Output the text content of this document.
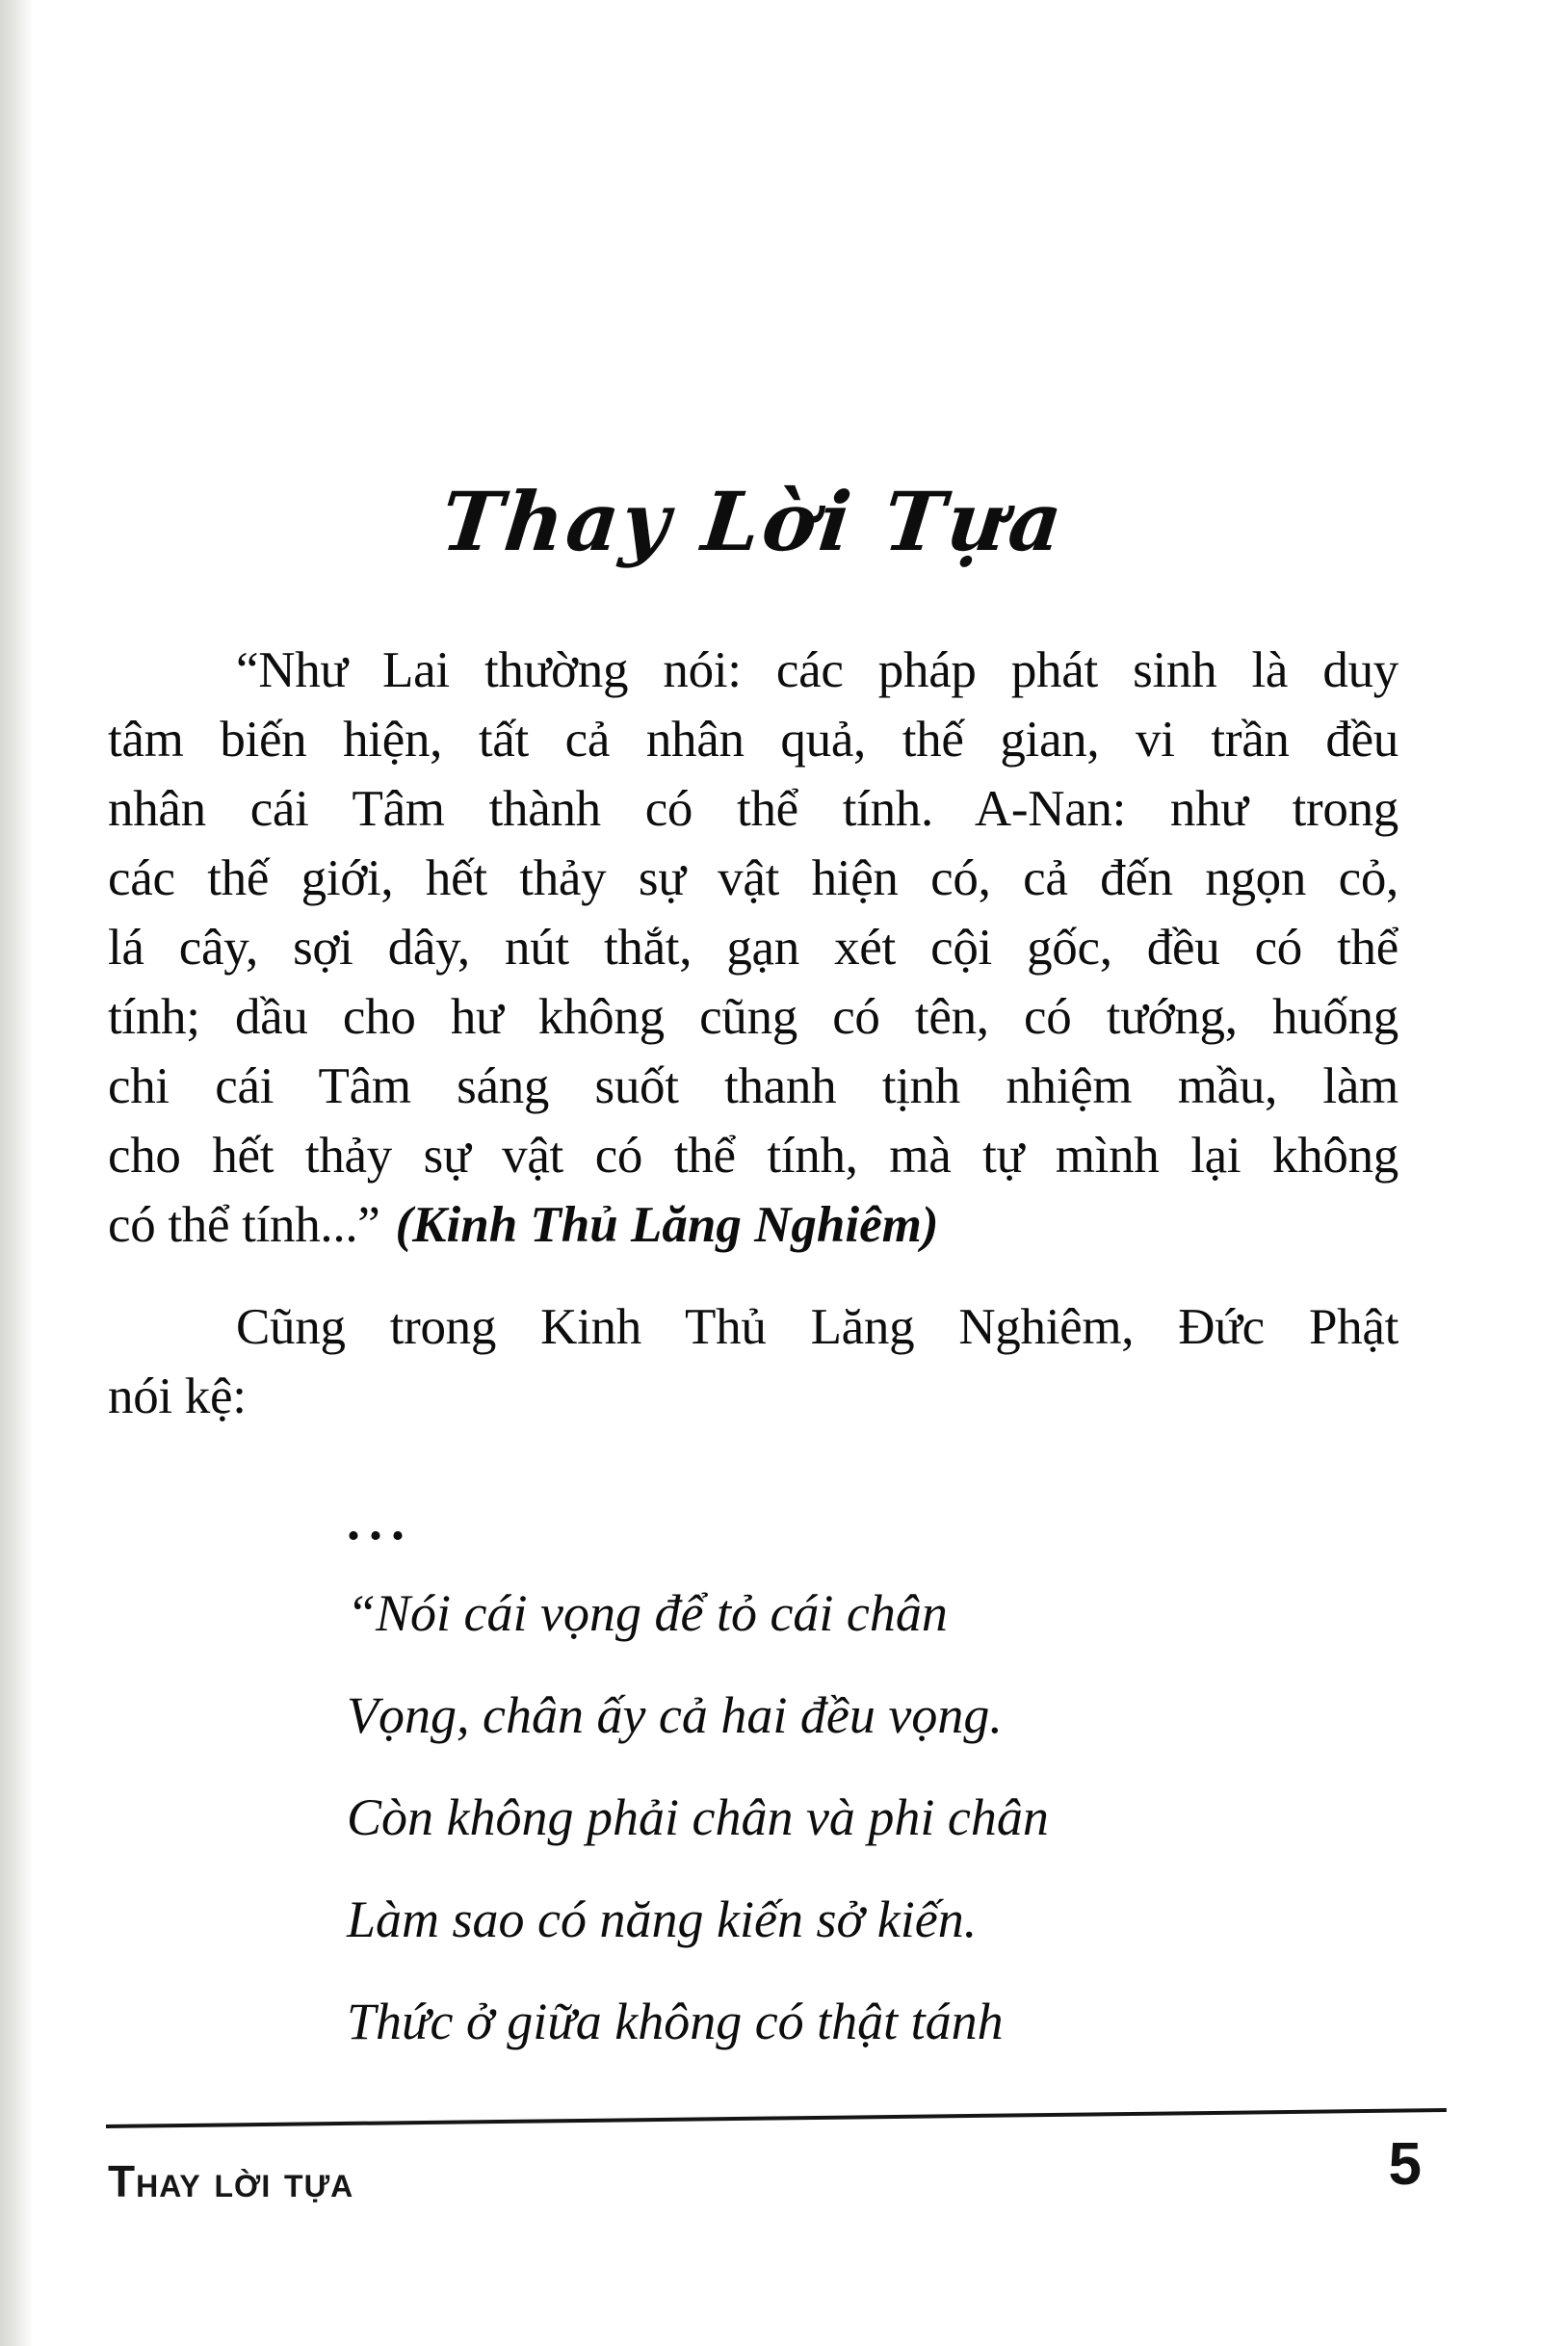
Thay Lời Tựa
“Như Lai thường nói: các pháp phát sinh là duy
tâm biến hiện, tất cả nhân quả, thế gian, vi trần đều
nhân cái Tâm thành có thể tính. A-Nan: như trong
các thế giới, hết thảy sự vật hiện có, cả đến ngọn cỏ,
lá cây, sợi dây, nút thắt, gạn xét cội gốc, đều có thể
tính; dầu cho hư không cũng có tên, có tướng, huống
chi cái Tâm sáng suốt thanh tịnh nhiệm mầu, làm
cho hết thảy sự vật có thể tính, mà tự mình lại không
có thể tính...” (Kinh Thủ Lăng Nghiêm)
Cũng trong Kinh Thủ Lăng Nghiêm, Đức Phật
nói kệ:
...
“Nói cái vọng để tỏ cái chân
Vọng, chân ấy cả hai đều vọng.
Còn không phải chân và phi chân
Làm sao có năng kiến sở kiến.
Thức ở giữa không có thật tánh
Thay lời tựa	5
